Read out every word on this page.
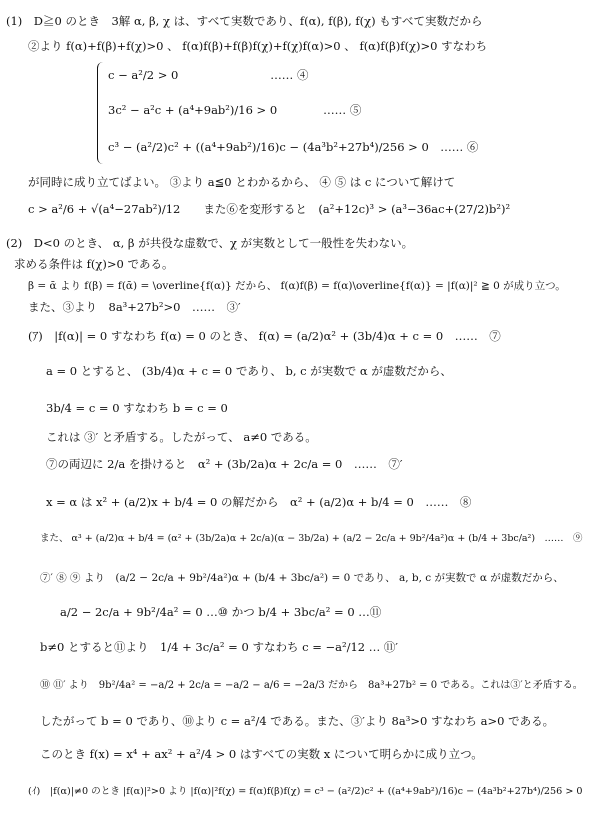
(1)　D≧0 のとき　3解 α, β, χ は、すべて実数であり、f(α), f(β), f(χ) もすべて実数だから
②より f(α)+f(β)+f(χ)>0 、 f(α)f(β)+f(β)f(χ)+f(χ)f(α)>0 、 f(α)f(β)f(χ)>0 すなわち
c − a²/2 > 0　　　　　　　　…… ④
3c² − a²c + (a⁴+9ab²)/16 > 0　　　　…… ⑤
c³ − (a²/2)c² + ((a⁴+9ab²)/16)c − (4a³b²+27b⁴)/256 > 0　…… ⑥
が同時に成り立てばよい。 ③より a≦0 とわかるから、 ④ ⑤ は c について解けて
c > a²/6 + √(a⁴−27ab²)/12　　また⑥を変形すると　(a²+12c)³ > (a³−36ac+(27/2)b²)²
(2)　D<0 のとき、 α, β が共役な虚数で、χ が実数として一般性を失わない。
求める条件は f(χ)>0 である。
β = ᾱ より f(β) = f(ᾱ) = \overline{f(α)} だから、 f(α)f(β) = f(α)\overline{f(α)} = |f(α)|² ≧ 0 が成り立つ。
また、③より　8a³+27b²>0　……　③′
(ｱ)　|f(α)| = 0 すなわち f(α) = 0 のとき、 f(α) = (a/2)α² + (3b/4)α + c = 0　……　⑦
a = 0 とすると、 (3b/4)α + c = 0 であり、 b, c が実数で α が虚数だから、
3b/4 = c = 0 すなわち b = c = 0
これは ③′ と矛盾する。したがって、 a≠0 である。
⑦の両辺に 2/a を掛けると　α² + (3b/2a)α + 2c/a = 0　……　⑦′
x = α は x² + (a/2)x + b/4 = 0 の解だから　α² + (a/2)α + b/4 = 0　……　⑧
また、 α³ + (a/2)α + b/4 = (α² + (3b/2a)α + 2c/a)(α − 3b/2a) + (a/2 − 2c/a + 9b²/4a²)α + (b/4 + 3bc/a²)　……　⑨
⑦′ ⑧ ⑨ より　(a/2 − 2c/a + 9b²/4a²)α + (b/4 + 3bc/a²) = 0 であり、 a, b, c が実数で α が虚数だから、
a/2 − 2c/a + 9b²/4a² = 0 …⑩ かつ b/4 + 3bc/a² = 0 …⑪
b≠0 とすると⑪より　1/4 + 3c/a² = 0 すなわち c = −a²/12 … ⑪′
⑩ ⑪′ より　9b²/4a² = −a/2 + 2c/a = −a/2 − a/6 = −2a/3 だから　8a³+27b² = 0 である。これは③′と矛盾する。
したがって b = 0 であり、⑩より c = a²/4 である。また、③′より 8a³>0 すなわち a>0 である。
このとき f(x) = x⁴ + ax² + a²/4 > 0 はすべての実数 x について明らかに成り立つ。
(ｲ)　|f(α)|≠0 のとき |f(α)|²>0 より |f(α)|²f(χ) = f(α)f(β)f(χ) = c³ − (a²/2)c² + ((a⁴+9ab²)/16)c − (4a³b²+27b⁴)/256 > 0
